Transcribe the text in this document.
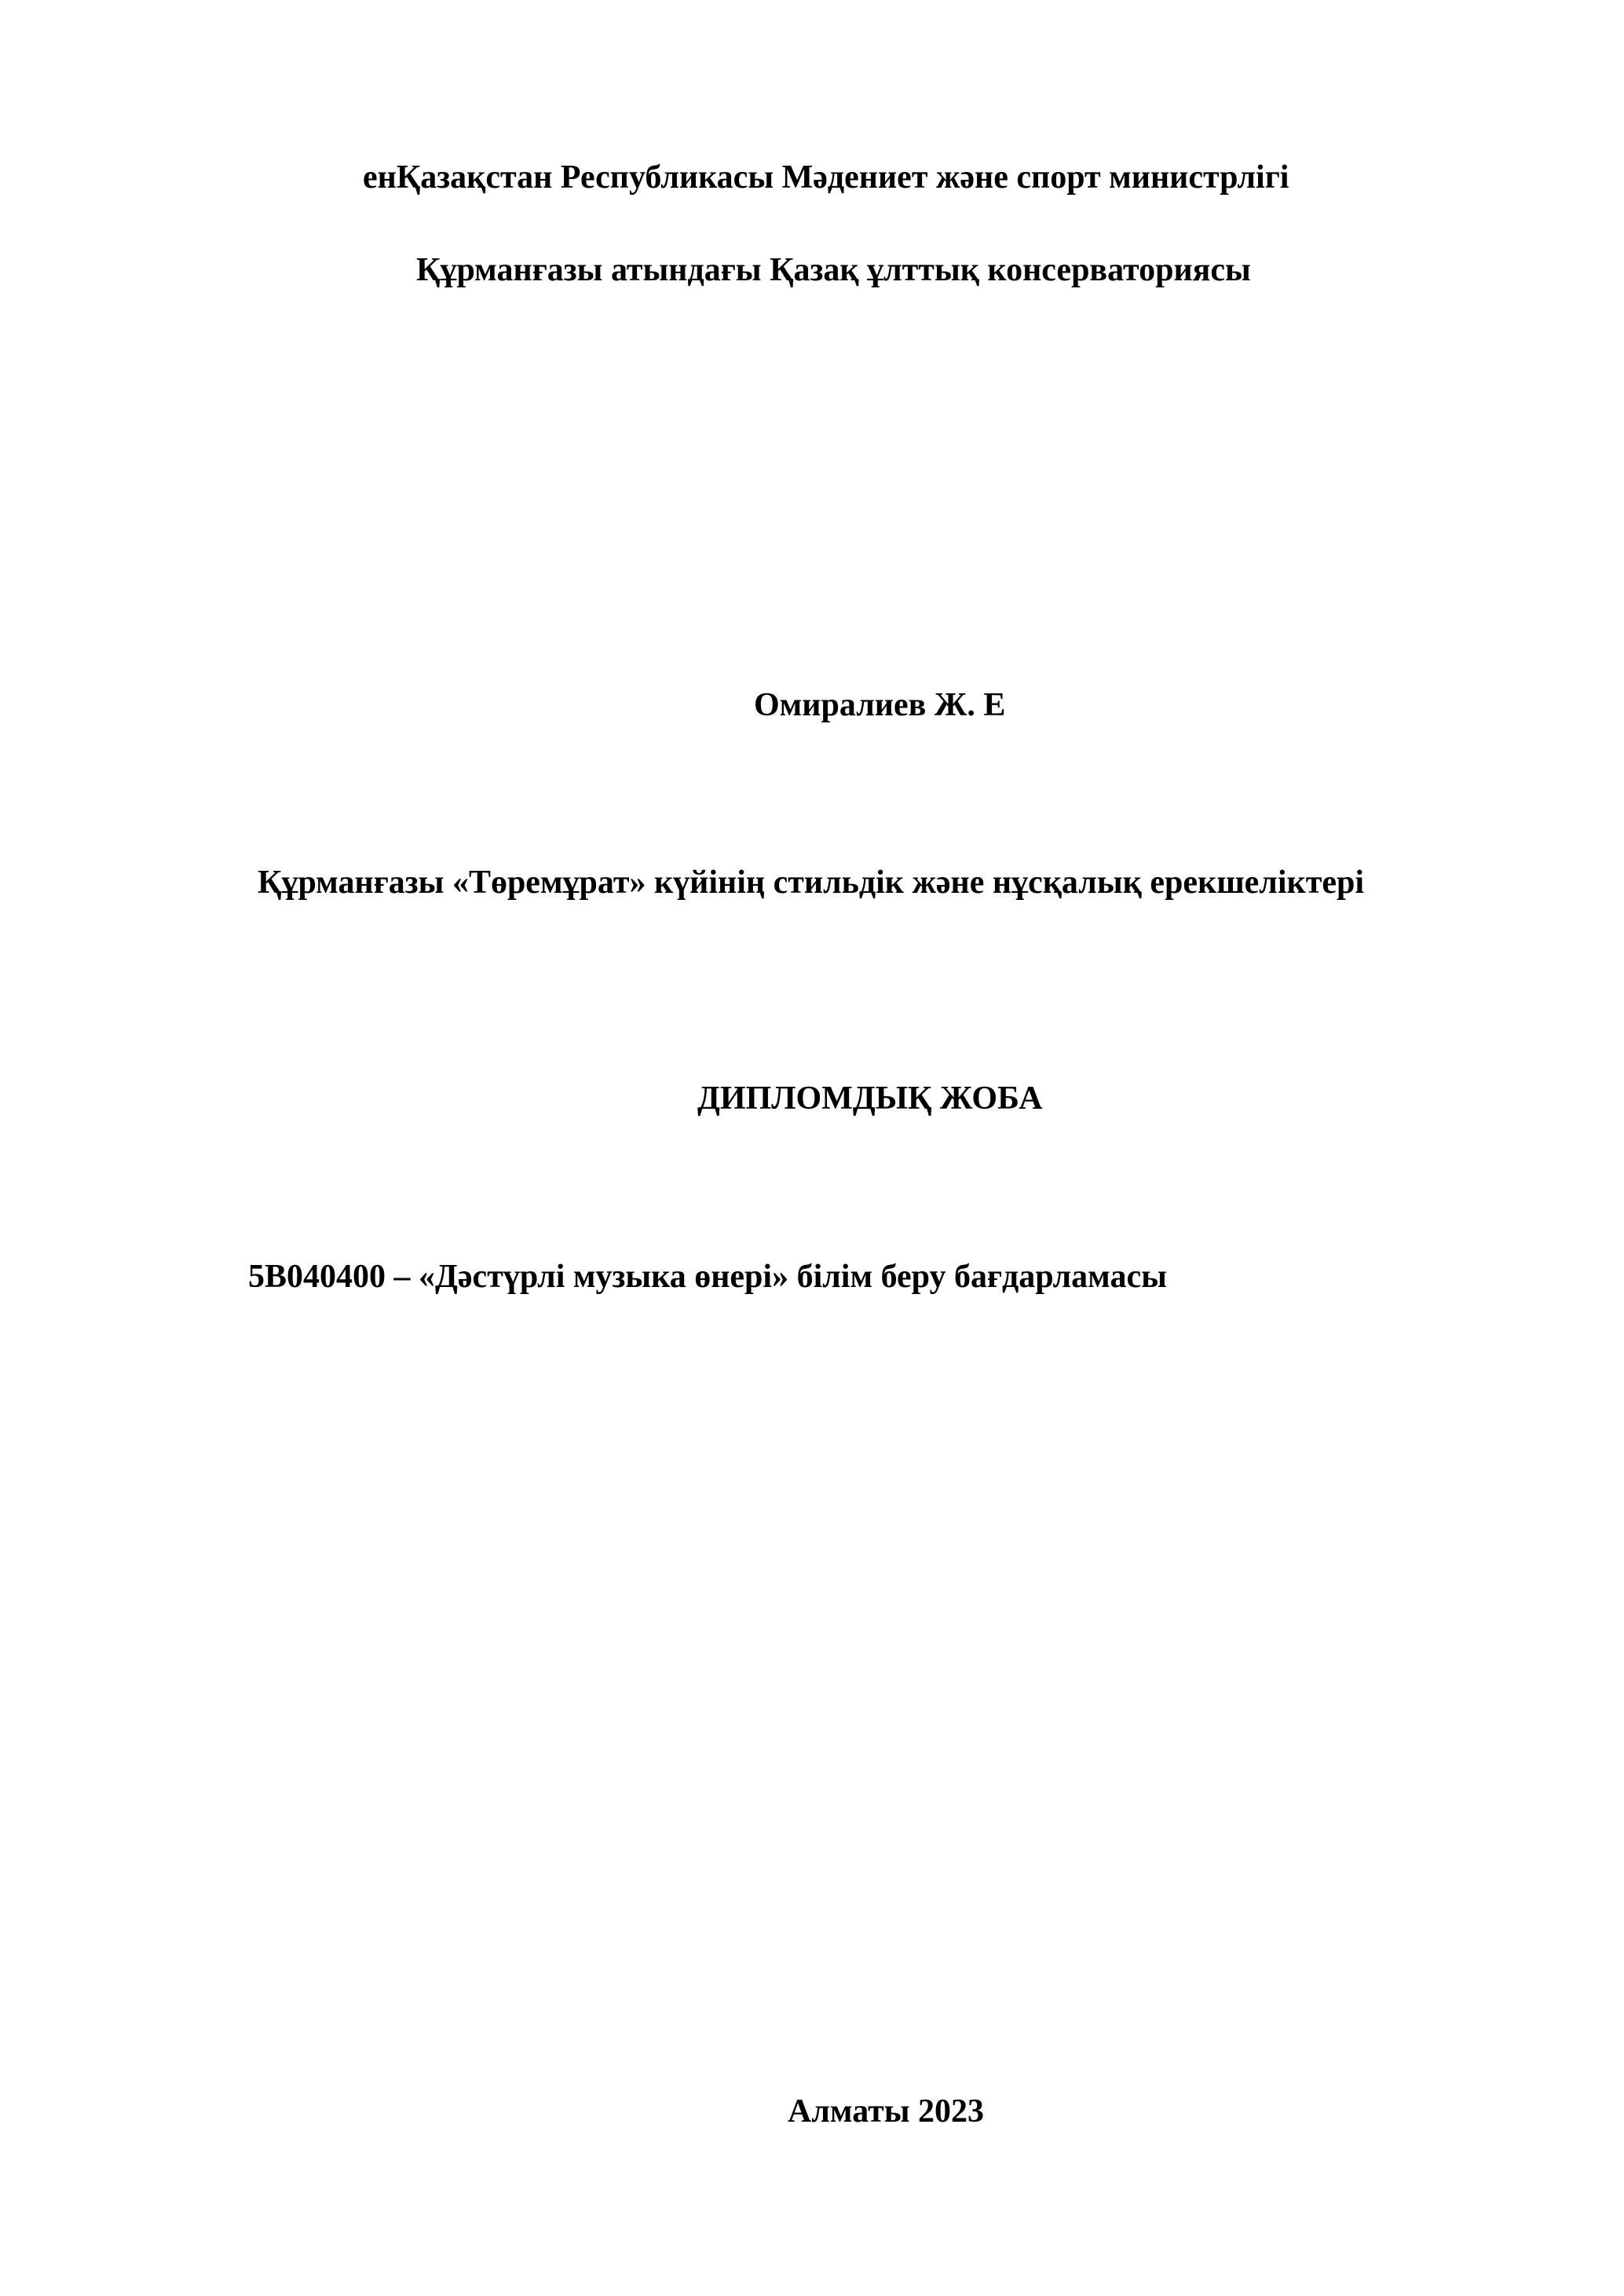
енҚазақстан Республикасы Мәдениет және спорт министрлігі

Құрманғазы атындағы Қазақ ұлттық консерваториясы

Омиралиев Ж. Е

Құрманғазы «Төремұрат» күйінің стильдік және нұсқалық ерекшеліктері

ДИПЛОМДЫҚ ЖОБА

5В040400 – «Дәстүрлі музыка өнері» білім беру бағдарламасы

Алматы 2023
